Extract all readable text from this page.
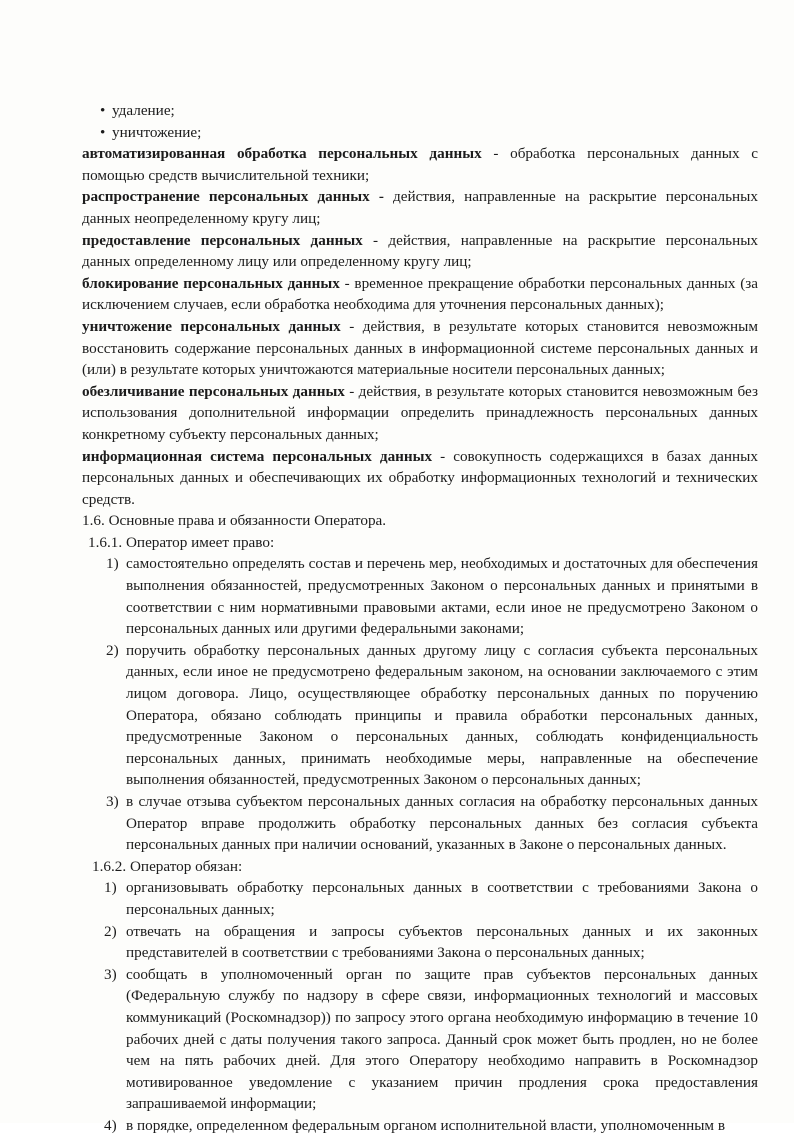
• удаление;
• уничтожение;
автоматизированная обработка персональных данных - обработка персональных данных с помощью средств вычислительной техники;
распространение персональных данных - действия, направленные на раскрытие персональных данных неопределенному кругу лиц;
предоставление персональных данных - действия, направленные на раскрытие персональных данных определенному лицу или определенному кругу лиц;
блокирование персональных данных - временное прекращение обработки персональных данных (за исключением случаев, если обработка необходима для уточнения персональных данных);
уничтожение персональных данных - действия, в результате которых становится невозможным восстановить содержание персональных данных в информационной системе персональных данных и (или) в результате которых уничтожаются материальные носители персональных данных;
обезличивание персональных данных - действия, в результате которых становится невозможным без использования дополнительной информации определить принадлежность персональных данных конкретному субъекту персональных данных;
информационная система персональных данных - совокупность содержащихся в базах данных персональных данных и обеспечивающих их обработку информационных технологий и технических средств.
1.6. Основные права и обязанности Оператора.
1.6.1. Оператор имеет право:
1) самостоятельно определять состав и перечень мер, необходимых и достаточных для обеспечения выполнения обязанностей, предусмотренных Законом о персональных данных и принятыми в соответствии с ним нормативными правовыми актами, если иное не предусмотрено Законом о персональных данных или другими федеральными законами;
2) поручить обработку персональных данных другому лицу с согласия субъекта персональных данных, если иное не предусмотрено федеральным законом, на основании заключаемого с этим лицом договора. Лицо, осуществляющее обработку персональных данных по поручению Оператора, обязано соблюдать принципы и правила обработки персональных данных, предусмотренные Законом о персональных данных, соблюдать конфиденциальность персональных данных, принимать необходимые меры, направленные на обеспечение выполнения обязанностей, предусмотренных Законом о персональных данных;
3) в случае отзыва субъектом персональных данных согласия на обработку персональных данных Оператор вправе продолжить обработку персональных данных без согласия субъекта персональных данных при наличии оснований, указанных в Законе о персональных данных.
1.6.2. Оператор обязан:
1) организовывать обработку персональных данных в соответствии с требованиями Закона о персональных данных;
2) отвечать на обращения и запросы субъектов персональных данных и их законных представителей в соответствии с требованиями Закона о персональных данных;
3) сообщать в уполномоченный орган по защите прав субъектов персональных данных (Федеральную службу по надзору в сфере связи, информационных технологий и массовых коммуникаций (Роскомнадзор)) по запросу этого органа необходимую информацию в течение 10 рабочих дней с даты получения такого запроса. Данный срок может быть продлен, но не более чем на пять рабочих дней. Для этого Оператору необходимо направить в Роскомнадзор мотивированное уведомление с указанием причин продления срока предоставления запрашиваемой информации;
4) в порядке, определенном федеральным органом исполнительной власти, уполномоченным в
